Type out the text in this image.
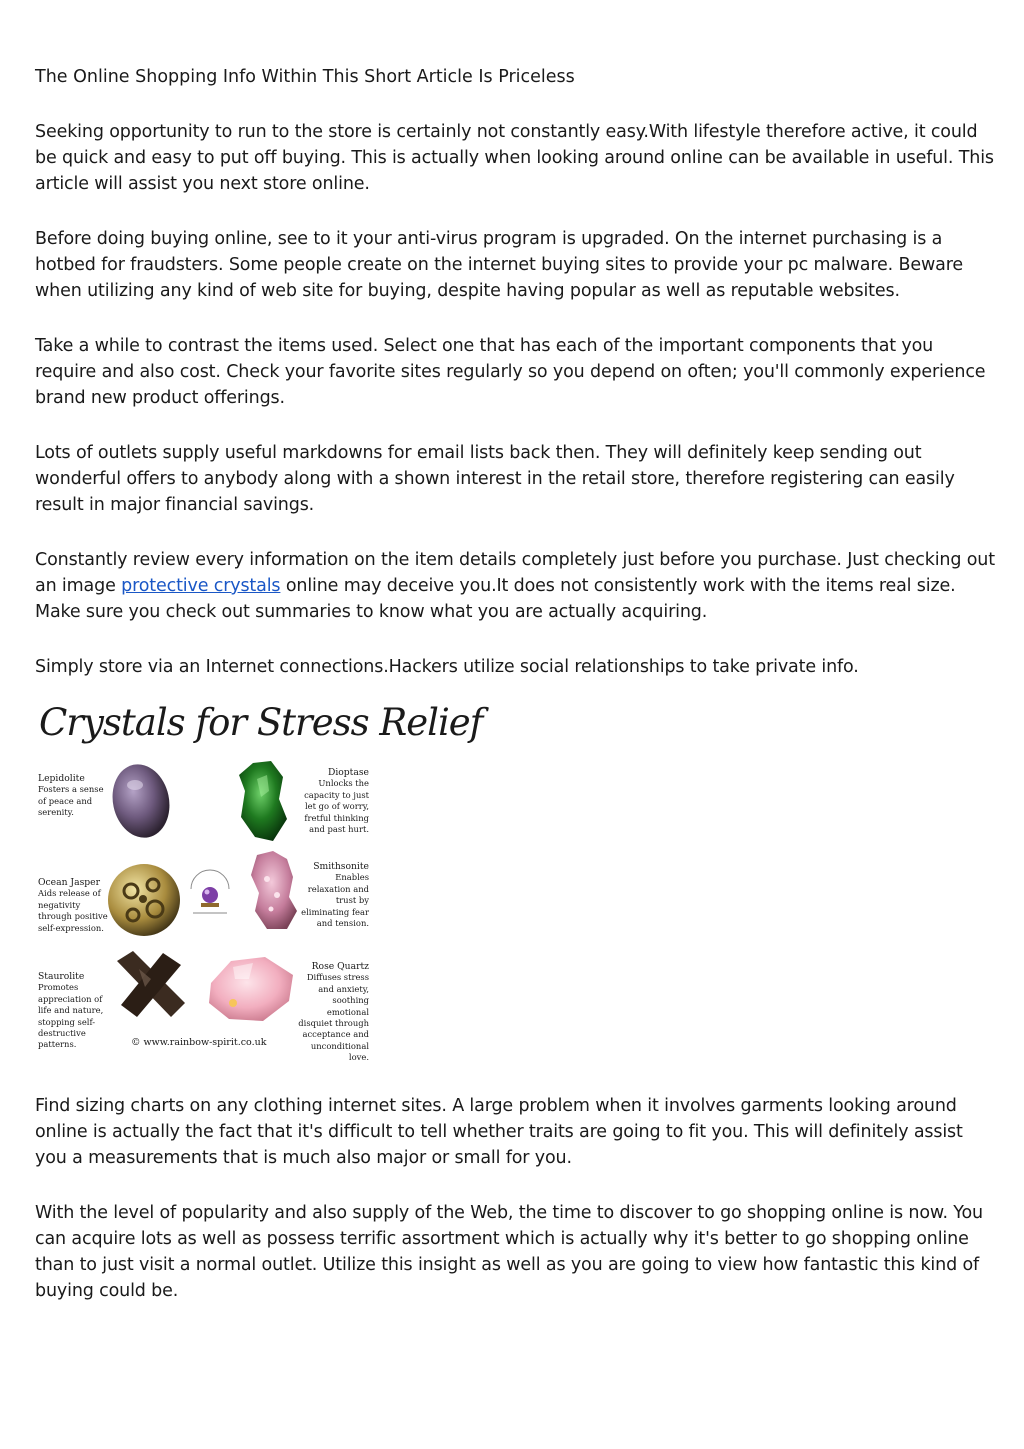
The Online Shopping Info Within This Short Article Is Priceless

Seeking opportunity to run to the store is certainly not constantly easy.With lifestyle therefore active, it could be quick and easy to put off buying. This is actually when looking around online can be available in useful. This article will assist you next store online.

Before doing buying online, see to it your anti-virus program is upgraded. On the internet purchasing is a hotbed for fraudsters. Some people create on the internet buying sites to provide your pc malware. Beware when utilizing any kind of web site for buying, despite having popular as well as reputable websites.

Take a while to contrast the items used. Select one that has each of the important components that you require and also cost. Check your favorite sites regularly so you depend on often; you'll commonly experience brand new product offerings.

Lots of outlets supply useful markdowns for email lists back then. They will definitely keep sending out wonderful offers to anybody along with a shown interest in the retail store, therefore registering can easily result in major financial savings.

Constantly review every information on the item details completely just before you purchase. Just checking out an image protective crystals online may deceive you.It does not consistently work with the items real size. Make sure you check out summaries to know what you are actually acquiring.

Simply store via an Internet connections.Hackers utilize social relationships to take private info.

Crystals for Stress Relief
Lepidolite
Fosters a sense of peace and serenity.
Dioptase
Unlocks the capacity to just let go of worry, fretful thinking and past hurt.
Ocean Jasper
Aids release of negativity through positive self-expression.
Smithsonite
Enables relaxation and trust by eliminating fear and tension.
Staurolite
Promotes appreciation of life and nature, stopping self-destructive patterns.
Rose Quartz
Diffuses stress and anxiety, soothing emotional disquiet through acceptance and unconditional love.
© www.rainbow-spirit.co.uk

Find sizing charts on any clothing internet sites. A large problem when it involves garments looking around online is actually the fact that it's difficult to tell whether traits are going to fit you. This will definitely assist you a measurements that is much also major or small for you.

With the level of popularity and also supply of the Web, the time to discover to go shopping online is now. You can acquire lots as well as possess terrific assortment which is actually why it's better to go shopping online than to just visit a normal outlet. Utilize this insight as well as you are going to view how fantastic this kind of buying could be.
